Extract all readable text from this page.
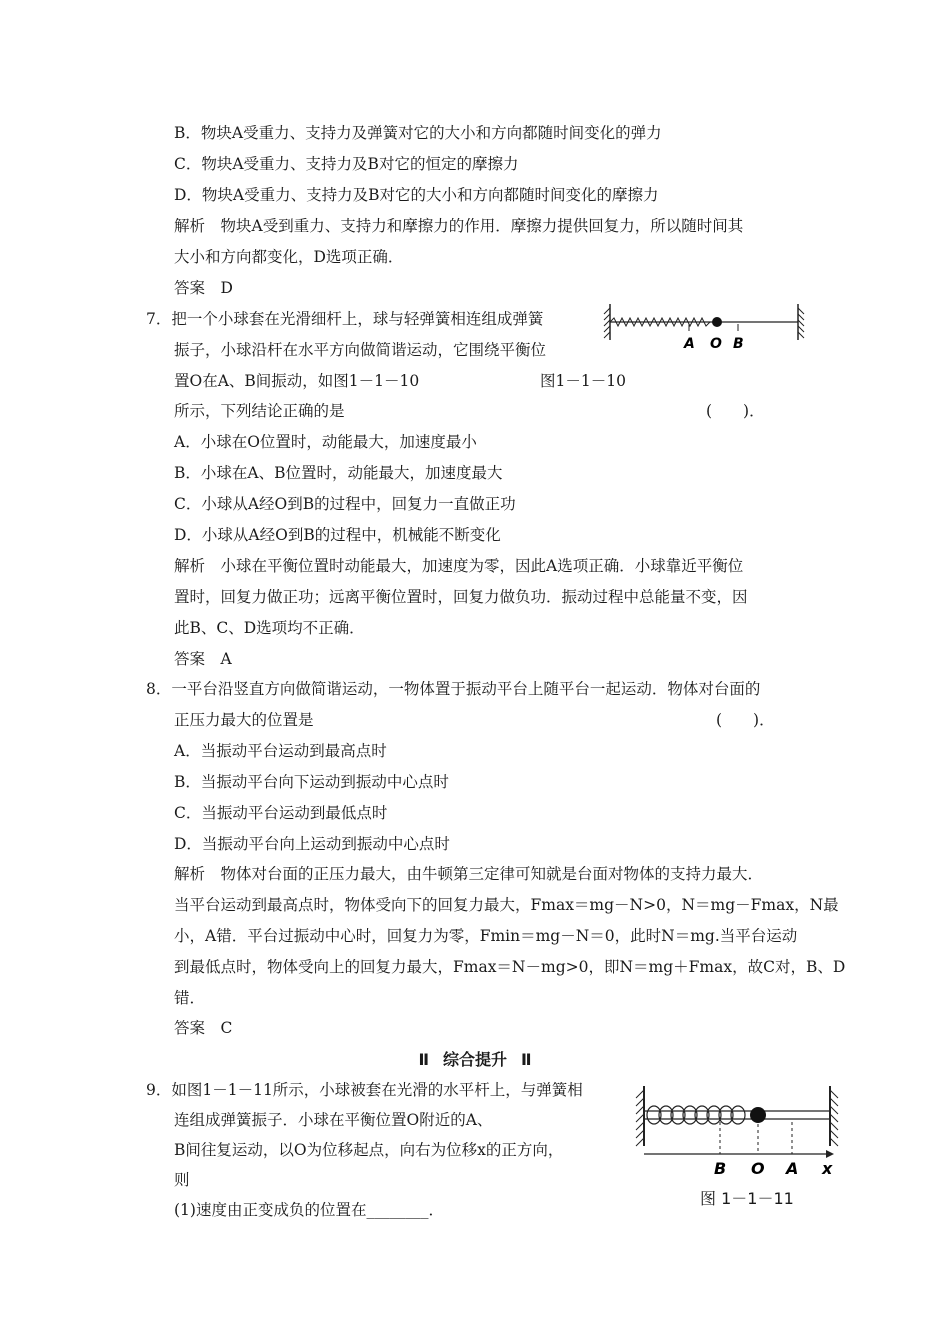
B．物块A受重力、支持力及弹簧对它的大小和方向都随时间变化的弹力
C．物块A受重力、支持力及B对它的恒定的摩擦力
D．物块A受重力、支持力及B对它的大小和方向都随时间变化的摩擦力
解析　物块A受到重力、支持力和摩擦力的作用．摩擦力提供回复力，所以随时间其
大小和方向都变化，D选项正确．
答案　D
7．把一个小球套在光滑细杆上，球与轻弹簧相连组成弹簧
振子，小球沿杆在水平方向做简谐运动，它围绕平衡位
置O在A、B间振动，如图1－1－10	图1－1－10
所示，下列结论正确的是	(　　)．
A O B
A．小球在O位置时，动能最大，加速度最小
B．小球在A、B位置时，动能最大，加速度最大
C．小球从A经O到B的过程中，回复力一直做正功
D．小球从A经O到B的过程中，机械能不断变化
解析　小球在平衡位置时动能最大，加速度为零，因此A选项正确．小球靠近平衡位
置时，回复力做正功；远离平衡位置时，回复力做负功．振动过程中总能量不变，因
此B、C、D选项均不正确．
答案　A
8．一平台沿竖直方向做简谐运动，一物体置于振动平台上随平台一起运动．物体对台面的
正压力最大的位置是	(　　)．
A．当振动平台运动到最高点时
B．当振动平台向下运动到振动中心点时
C．当振动平台运动到最低点时
D．当振动平台向上运动到振动中心点时
解析　物体对台面的正压力最大，由牛顿第三定律可知就是台面对物体的支持力最大．
当平台运动到最高点时，物体受向下的回复力最大，Fmax＝mg－N>0，N＝mg－Fmax，N最
小，A错．平台过振动中心时，回复力为零，Fmin＝mg－N＝0，此时N＝mg.当平台运动
到最低点时，物体受向上的回复力最大，Fmax＝N－mg>0，即N＝mg＋Fmax，故C对，B、D
错．
答案　C
Ⅱ 综合提升 Ⅱ
9．如图1－1－11所示，小球被套在光滑的水平杆上，与弹簧相
连组成弹簧振子．小球在平衡位置O附近的A、
B间往复运动，以O为位移起点，向右为位移x的正方向，
则
(1)速度由正变成负的位置在________．
B O A x
图 1－1－11
